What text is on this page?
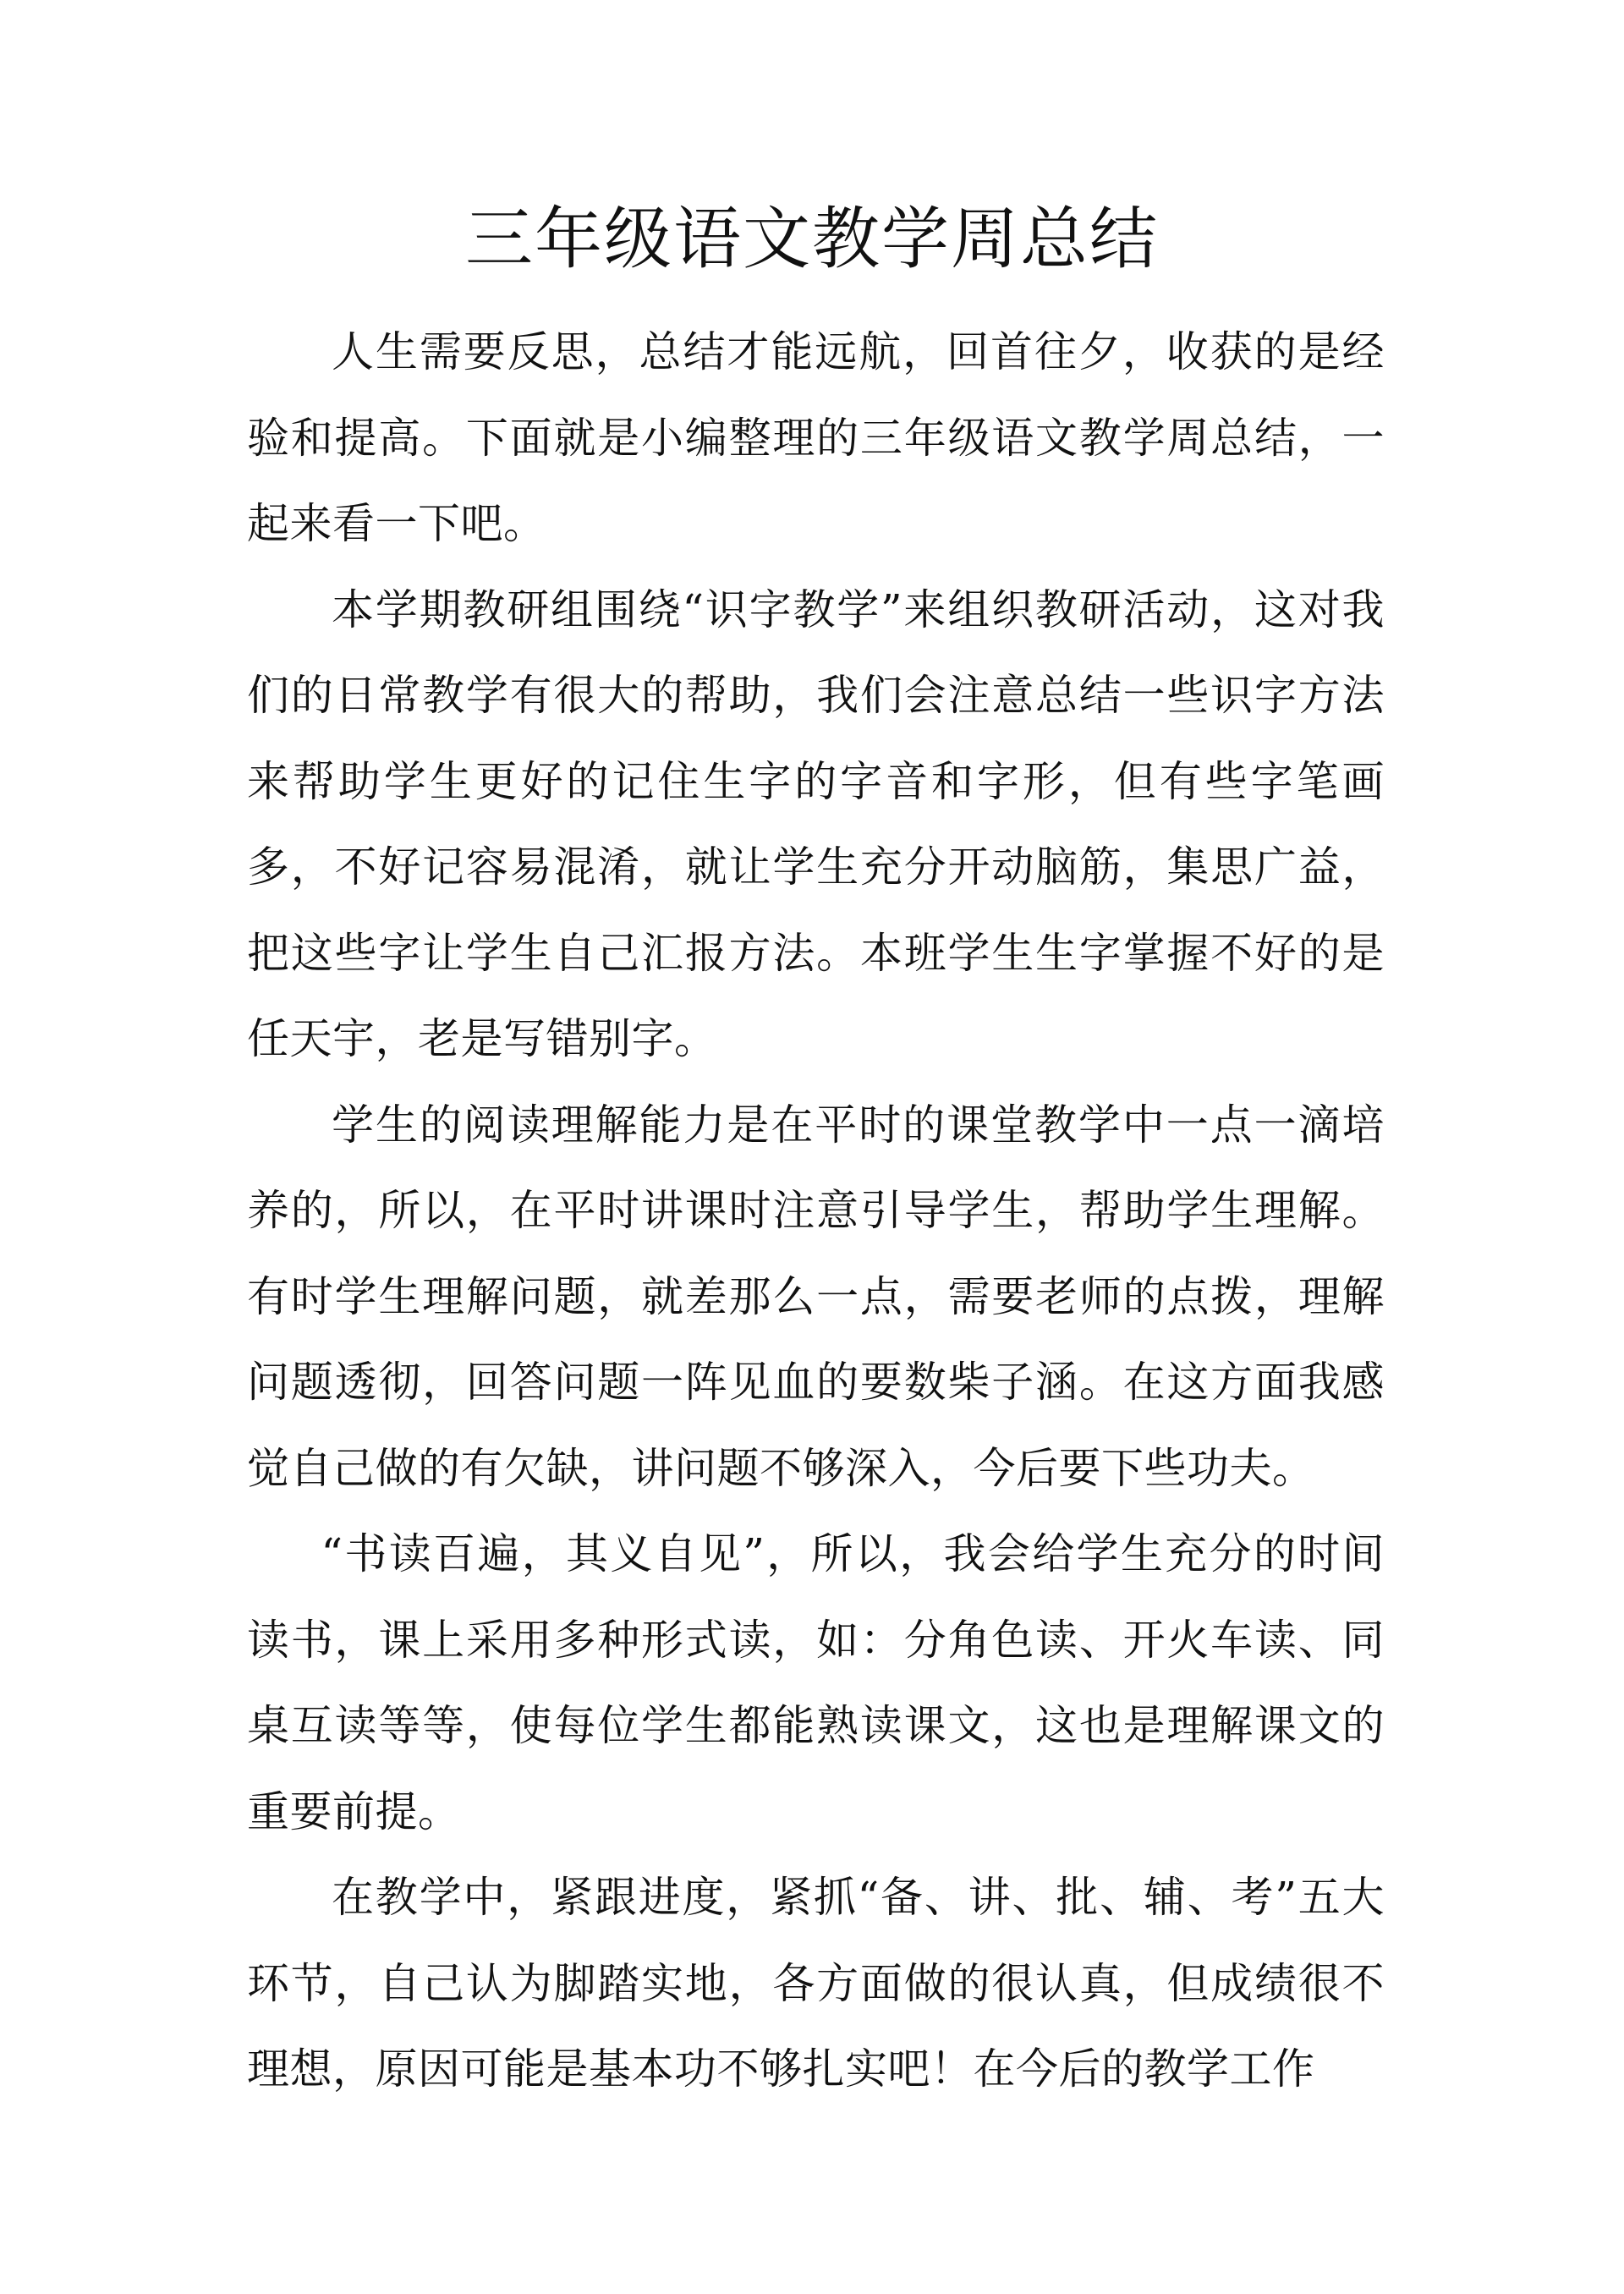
三年级语文教学周总结

人生需要反思，总结才能远航，回首往夕，收获的是经验和提高。下面就是小编整理的三年级语文教学周总结，一起来看一下吧。

本学期教研组围绕“识字教学”来组织教研活动，这对我们的日常教学有很大的帮助，我们会注意总结一些识字方法来帮助学生更好的记住生字的字音和字形，但有些字笔画多，不好记容易混淆，就让学生充分开动脑筋，集思广益，把这些字让学生自己汇报方法。本班学生生字掌握不好的是任天宇，老是写错别字。

学生的阅读理解能力是在平时的课堂教学中一点一滴培养的，所以，在平时讲课时注意引导学生，帮助学生理解。有时学生理解问题，就差那么一点，需要老师的点拨，理解问题透彻，回答问题一阵见血的要数柴子涵。在这方面我感觉自己做的有欠缺，讲问题不够深入，今后要下些功夫。

“书读百遍，其义自见”，所以，我会给学生充分的时间读书，课上采用多种形式读，如：分角色读、开火车读、同桌互读等等，使每位学生都能熟读课文，这也是理解课文的重要前提。

在教学中，紧跟进度，紧抓“备、讲、批、辅、考”五大环节，自己认为脚踏实地，各方面做的很认真，但成绩很不理想，原因可能是基本功不够扎实吧！在今后的教学工作
